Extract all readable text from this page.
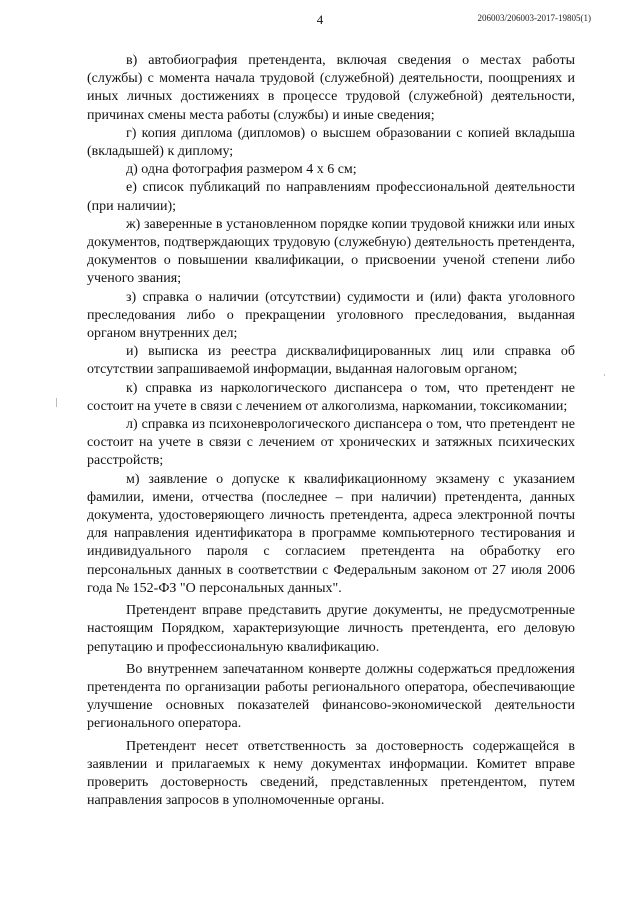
4	206003/206003-2017-19805(1)

в) автобиография претендента, включая сведения о местах работы (службы) с момента начала трудовой (служебной) деятельности, поощрениях и иных личных достижениях в процессе трудовой (служебной) деятельности, причинах смены места работы (службы) и иные сведения;

г) копия диплома (дипломов) о высшем образовании с копией вкладыша (вкладышей) к диплому;

д) одна фотография размером 4 х 6 см;

е) список публикаций по направлениям профессиональной деятельности (при наличии);

ж) заверенные в установленном порядке копии трудовой книжки или иных документов, подтверждающих трудовую (служебную) деятельность претендента, документов о повышении квалификации, о присвоении ученой степени либо ученого звания;

з) справка о наличии (отсутствии) судимости и (или) факта уголовного преследования либо о прекращении уголовного преследования, выданная органом внутренних дел;

и) выписка из реестра дисквалифицированных лиц или справка об отсутствии запрашиваемой информации, выданная налоговым органом;

к) справка из наркологического диспансера о том, что претендент не состоит на учете в связи с лечением от алкоголизма, наркомании, токсикомании;

л) справка из психоневрологического диспансера о том, что претендент не состоит на учете в связи с лечением от хронических и затяжных психических расстройств;

м) заявление о допуске к квалификационному экзамену с указанием фамилии, имени, отчества (последнее – при наличии) претендента, данных документа, удостоверяющего личность претендента, адреса электронной почты для направления идентификатора в программе компьютерного тестирования и индивидуального пароля с согласием претендента на обработку его персональных данных в соответствии с Федеральным законом от 27 июля 2006 года № 152-ФЗ "О персональных данных".

Претендент вправе представить другие документы, не предусмотренные настоящим Порядком, характеризующие личность претендента, его деловую репутацию и профессиональную квалификацию.

Во внутреннем запечатанном конверте должны содержаться предложения претендента по организации работы регионального оператора, обеспечивающие улучшение основных показателей финансово-экономической деятельности регионального оператора.

Претендент несет ответственность за достоверность содержащейся в заявлении и прилагаемых к нему документах информации. Комитет вправе проверить достоверность сведений, представленных претендентом, путем направления запросов в уполномоченные органы.
